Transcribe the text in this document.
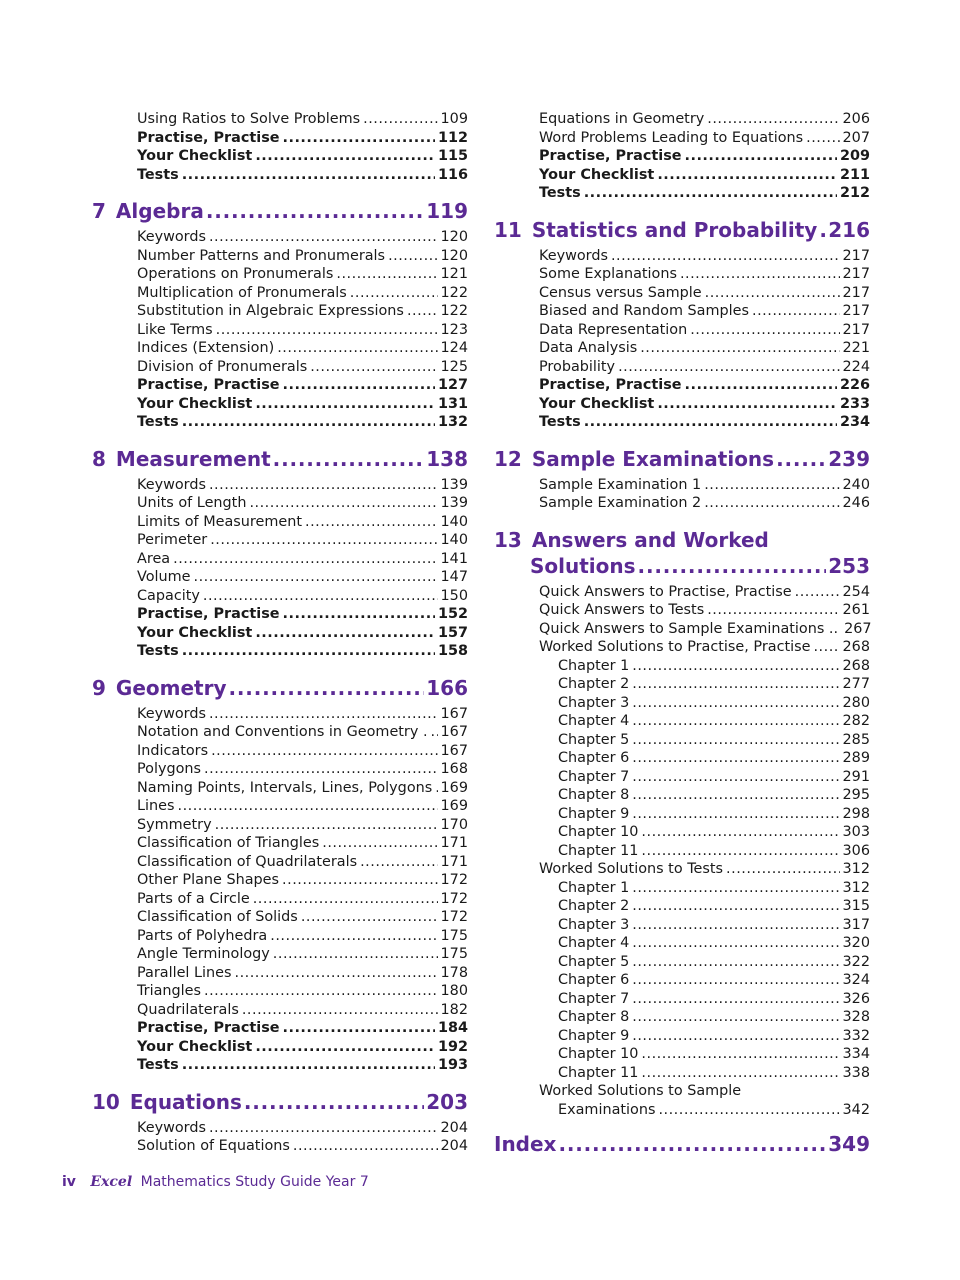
Using Ratios to Solve Problems .....	109
Practise, Practise .....	112
Your Checklist .....	115
Tests .....	116
7 Algebra .....	119
Keywords .....	120
Number Patterns and Pronumerals .....	120
Operations on Pronumerals .....	121
Multiplication of Pronumerals .....	122
Substitution in Algebraic Expressions .....	122
Like Terms .....	123
Indices (Extension) .....	124
Division of Pronumerals .....	125
Practise, Practise .....	127
Your Checklist .....	131
Tests .....	132
8 Measurement .....	138
Keywords .....	139
Units of Length .....	139
Limits of Measurement .....	140
Perimeter .....	140
Area .....	141
Volume .....	147
Capacity .....	150
Practise, Practise .....	152
Your Checklist .....	157
Tests .....	158
9 Geometry .....	166
Keywords .....	167
Notation and Conventions in Geometry . ..... 167
Indicators .....	167
Polygons .....	168
Naming Points, Intervals, Lines, Polygons ..... 169
Lines .....	169
Symmetry .....	170
Classification of Triangles .....	171
Classification of Quadrilaterals .....	171
Other Plane Shapes .....	172
Parts of a Circle .....	172
Classification of Solids .....	172
Parts of Polyhedra .....	175
Angle Terminology .....	175
Parallel Lines .....	178
Triangles .....	180
Quadrilaterals .....	182
Practise, Practise .....	184
Your Checklist .....	192
Tests .....	193
10 Equations .....	203
Keywords .....	204
Solution of Equations .....	204
Equations in Geometry .....	206
Word Problems Leading to Equations .....	207
Practise, Practise .....	209
Your Checklist .....	211
Tests .....	212
11 Statistics and Probability ..... 216
Keywords .....	217
Some Explanations .....	217
Census versus Sample .....	217
Biased and Random Samples .....	217
Data Representation .....	217
Data Analysis .....	221
Probability .....	224
Practise, Practise .....	226
Your Checklist .....	233
Tests .....	234
12 Sample Examinations .....	239
Sample Examination 1 .....	240
Sample Examination 2 .....	246
13 Answers and Worked
Solutions .....	253
Quick Answers to Practise, Practise .....	254
Quick Answers to Tests .....	261
Quick Answers to Sample Examinations .. 267
Worked Solutions to Practise, Practise ..... 268
Chapter 1 .....	268
Chapter 2 .....	277
Chapter 3 .....	280
Chapter 4 .....	282
Chapter 5 .....	285
Chapter 6 .....	289
Chapter 7 .....	291
Chapter 8 .....	295
Chapter 9 .....	298
Chapter 10 .....	303
Chapter 11 .....	306
Worked Solutions to Tests .....	312
Chapter 1 .....	312
Chapter 2 .....	315
Chapter 3 .....	317
Chapter 4 .....	320
Chapter 5 .....	322
Chapter 6 .....	324
Chapter 7 .....	326
Chapter 8 .....	328
Chapter 9 .....	332
Chapter 10 .....	334
Chapter 11 .....	338
Worked Solutions to Sample
Examinations .....	342
Index .....	349
iv Excel Mathematics Study Guide Year 7
